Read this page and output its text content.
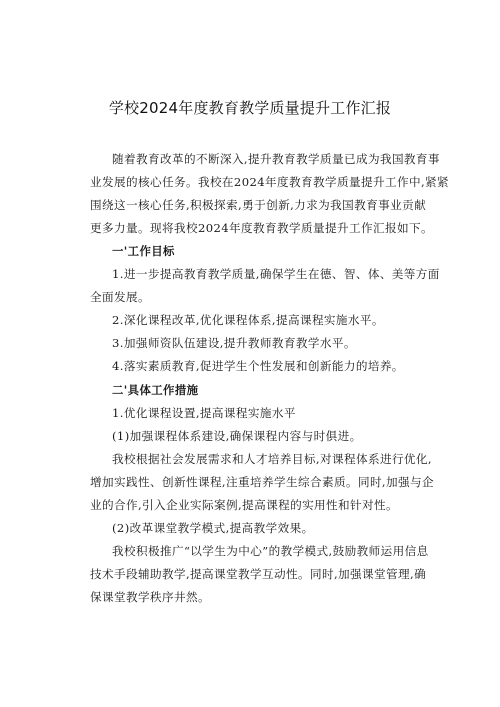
学校2024年度教育教学质量提升工作汇报
随着教育改革的不断深入,提升教育教学质量已成为我国教育事
业发展的核心任务。我校在2024年度教育教学质量提升工作中,紧紧
围绕这一核心任务,积极探索,勇于创新,力求为我国教育事业贡献
更多力量。现将我校2024年度教育教学质量提升工作汇报如下。
一'工作目标
1.进一步提高教育教学质量,确保学生在德、智、体、美等方面
全面发展。
2.深化课程改革,优化课程体系,提高课程实施水平。
3.加强师资队伍建设,提升教师教育教学水平。
4.落实素质教育,促进学生个性发展和创新能力的培养。
二'具体工作措施
1.优化课程设置,提高课程实施水平
(1)加强课程体系建设,确保课程内容与时俱进。
我校根据社会发展需求和人才培养目标,对课程体系进行优化,
增加实践性、创新性课程,注重培养学生综合素质。同时,加强与企
业的合作,引入企业实际案例,提高课程的实用性和针对性。
(2)改革课堂教学模式,提高教学效果。
我校积极推广“以学生为中心”的教学模式,鼓励教师运用信息
技术手段辅助教学,提高课堂教学互动性。同时,加强课堂管理,确
保课堂教学秩序井然。
